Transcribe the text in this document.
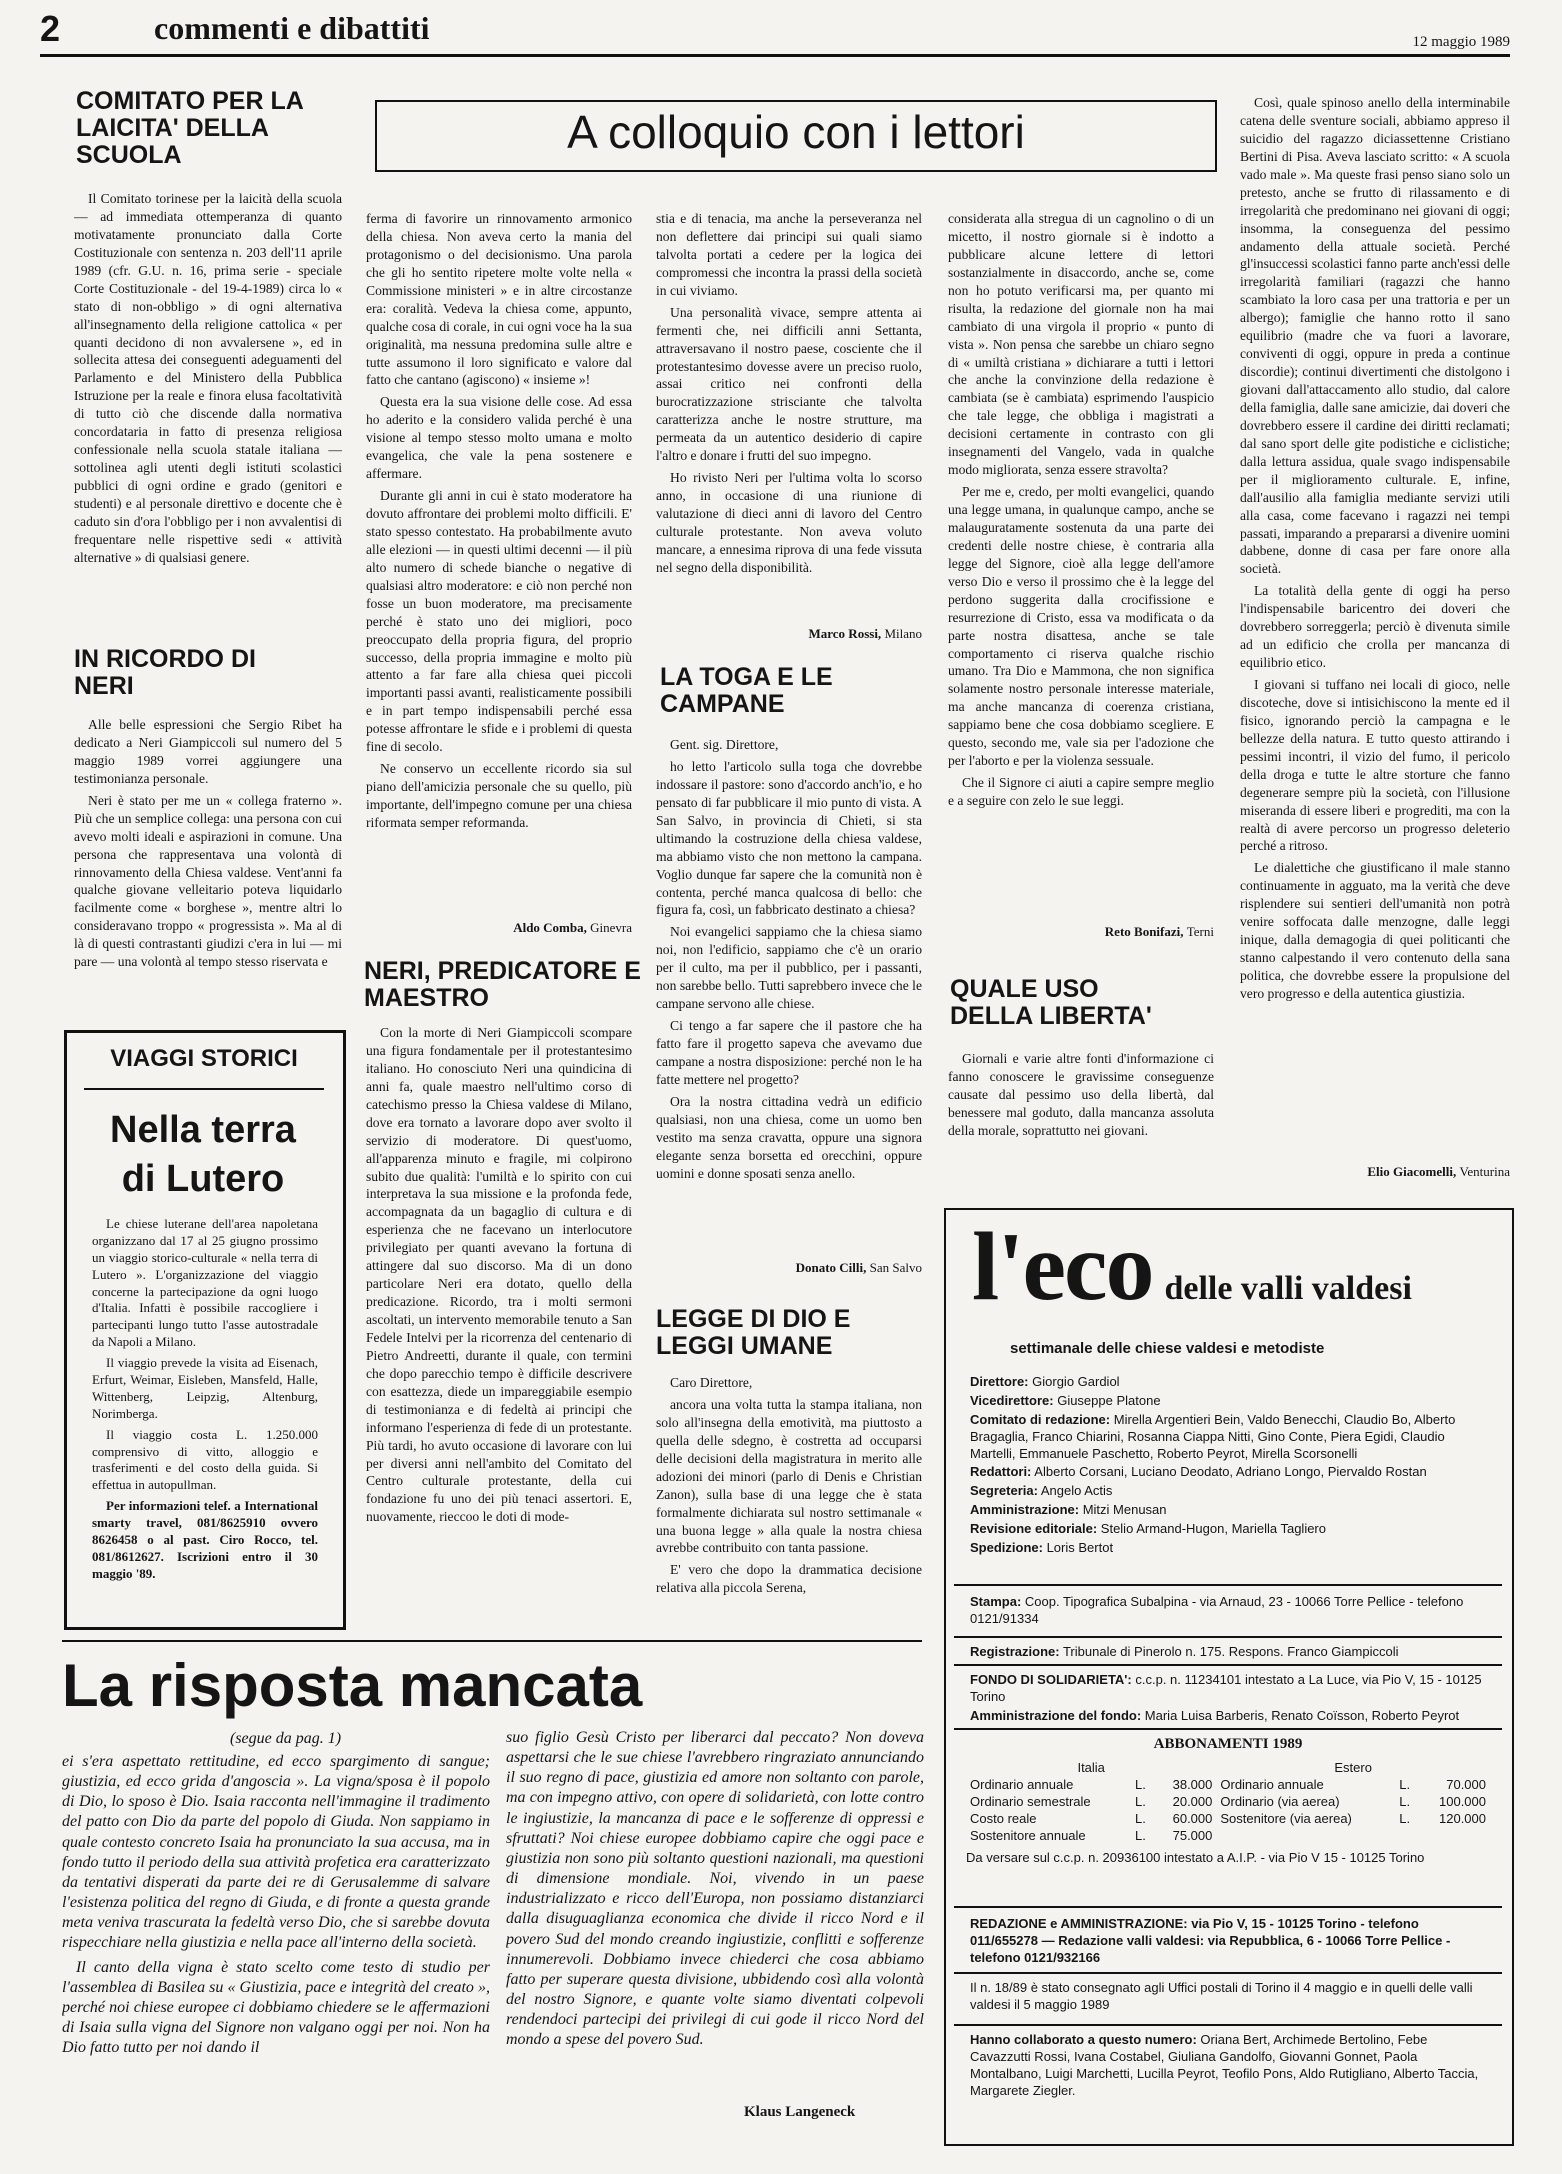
2	commenti e dibattiti	12 maggio 1989
A colloquio con i lettori
COMITATO PER LA LAICITA' DELLA SCUOLA

Il Comitato torinese per la laicità della scuola — ad immediata ottemperanza di quanto motivatamente pronunciato dalla Corte Costituzionale con sentenza n. 203 dell'11 aprile 1989 (cfr. G.U. n. 16, prima serie - speciale Corte Costituzionale - del 19-4-1989) circa lo « stato di non-obbligo » di ogni alternativa all'insegnamento della religione cattolica « per quanti decidono di non avvalersene », ed in sollecita attesa dei conseguenti adeguamenti del Parlamento e del Ministero della Pubblica Istruzione per la reale e finora elusa facoltatività di tutto ciò che discende dalla normativa concordataria in fatto di presenza religiosa confessionale nella scuola statale italiana — sottolinea agli utenti degli istituti scolastici pubblici di ogni ordine e grado (genitori e studenti) e al personale direttivo e docente che è caduto sin d'ora l'obbligo per i non avvalentisi di frequentare nelle rispettive sedi « attività alternative » di qualsiasi genere.

IN RICORDO DI NERI

Alle belle espressioni che Sergio Ribet ha dedicato a Neri Giampiccoli sul numero del 5 maggio 1989 vorrei aggiungere una testimonianza personale.

Neri è stato per me un « collega fraterno ». Più che un semplice collega: una persona con cui avevo molti ideali e aspirazioni in comune. Una persona che rappresentava una volontà di rinnovamento della Chiesa valdese. Vent'anni fa qualche giovane velleitario poteva liquidarlo facilmente come « borghese », mentre altri lo consideravano troppo « progressista ». Ma al di là di questi contrastanti giudizi c'era in lui — mi pare — una volontà al tempo stesso riservata e

VIAGGI STORICI
Nella terra di Lutero

Le chiese luterane dell'area napoletana organizzano dal 17 al 25 giugno prossimo un viaggio storico-culturale « nella terra di Lutero ». L'organizzazione del viaggio concerne la partecipazione da ogni luogo d'Italia. Infatti è possibile raccogliere i partecipanti lungo tutto l'asse autostradale da Napoli a Milano.

Il viaggio prevede la visita ad Eisenach, Erfurt, Weimar, Eisleben, Mansfeld, Halle, Wittenberg, Leipzig, Altenburg, Norimberga.

Il viaggio costa L. 1.250.000 comprensivo di vitto, alloggio e trasferimenti e del costo della guida. Si effettua in autopullman.

Per informazioni telef. a International smarty travel, 081/8625910 ovvero 8626458 o al past. Ciro Rocco, tel. 081/8612627. Iscrizioni entro il 30 maggio '89.

ferma di favorire un rinnovamento armonico della chiesa. Non aveva certo la mania del protagonismo o del decisionismo. Una parola che gli ho sentito ripetere molte volte nella « Commissione ministeri » e in altre circostanze era: coralità. Vedeva la chiesa come, appunto, qualche cosa di corale, in cui ogni voce ha la sua originalità, ma nessuna predomina sulle altre e tutte assumono il loro significato e valore dal fatto che cantano (agiscono) « insieme »!

Questa era la sua visione delle cose. Ad essa ho aderito e la considero valida perché è una visione al tempo stesso molto umana e molto evangelica, che vale la pena sostenere e affermare.

Durante gli anni in cui è stato moderatore ha dovuto affrontare dei problemi molto difficili. E' stato spesso contestato. Ha probabilmente avuto alle elezioni — in questi ultimi decenni — il più alto numero di schede bianche o negative di qualsiasi altro moderatore: e ciò non perché non fosse un buon moderatore, ma precisamente perché è stato uno dei migliori, poco preoccupato della propria figura, del proprio successo, della propria immagine e molto più attento a far fare alla chiesa quei piccoli importanti passi avanti, realisticamente possibili e in part tempo indispensabili perché essa potesse affrontare le sfide e i problemi di questa fine di secolo.

Ne conservo un eccellente ricordo sia sul piano dell'amicizia personale che su quello, più importante, dell'impegno comune per una chiesa riformata semper reformanda.

Aldo Comba, Ginevra
NERI, PREDICATORE E MAESTRO

Con la morte di Neri Giampiccoli scompare una figura fondamentale per il protestantesimo italiano. Ho conosciuto Neri una quindicina di anni fa, quale maestro nell'ultimo corso di catechismo presso la Chiesa valdese di Milano, dove era tornato a lavorare dopo aver svolto il servizio di moderatore. Di quest'uomo, all'apparenza minuto e fragile, mi colpirono subito due qualità: l'umiltà e lo spirito con cui interpretava la sua missione e la profonda fede, accompagnata da un bagaglio di cultura e di esperienza che ne facevano un interlocutore privilegiato per quanti avevano la fortuna di attingere dal suo discorso. Ma di un dono particolare Neri era dotato, quello della predicazione. Ricordo, tra i molti sermoni ascoltati, un intervento memorabile tenuto a San Fedele Intelvi per la ricorrenza del centenario di Pietro Andreetti, durante il quale, con termini che dopo parecchio tempo è difficile descrivere con esattezza, diede un impareggiabile esempio di testimonianza e di fedeltà ai principi che informano l'esperienza di fede di un protestante. Più tardi, ho avuto occasione di lavorare con lui per diversi anni nell'ambito del Comitato del Centro culturale protestante, della cui fondazione fu uno dei più tenaci assertori. E, nuovamente, rieccoo le doti di mode-

stia e di tenacia, ma anche la perseveranza nel non deflettere dai principi sui quali siamo talvolta portati a cedere per la logica dei compromessi che incontra la prassi della società in cui viviamo.

Una personalità vivace, sempre attenta ai fermenti che, nei difficili anni Settanta, attraversavano il nostro paese, cosciente che il protestantesimo dovesse avere un preciso ruolo, assai critico nei confronti della burocratizzazione strisciante che talvolta caratterizza anche le nostre strutture, ma permeata da un autentico desiderio di capire l'altro e donare i frutti del suo impegno.

Ho rivisto Neri per l'ultima volta lo scorso anno, in occasione di una riunione di valutazione di dieci anni di lavoro del Centro culturale protestante. Non aveva voluto mancare, a ennesima riprova di una fede vissuta nel segno della disponibilità.

Marco Rossi, Milano
LA TOGA E LE CAMPANE

Gent. sig. Direttore,

ho letto l'articolo sulla toga che dovrebbe indossare il pastore: sono d'accordo anch'io, e ho pensato di far pubblicare il mio punto di vista. A San Salvo, in provincia di Chieti, si sta ultimando la costruzione della chiesa valdese, ma abbiamo visto che non mettono la campana. Voglio dunque far sapere che la comunità non è contenta, perché manca qualcosa di bello: che figura fa, così, un fabbricato destinato a chiesa?

Noi evangelici sappiamo che la chiesa siamo noi, non l'edificio, sappiamo che c'è un orario per il culto, ma per il pubblico, per i passanti, non sarebbe bello. Tutti saprebbero invece che le campane servono alle chiese.

Ci tengo a far sapere che il pastore che ha fatto fare il progetto sapeva che avevamo due campane a nostra disposizione: perché non le ha fatte mettere nel progetto?

Ora la nostra cittadina vedrà un edificio qualsiasi, non una chiesa, come un uomo ben vestito ma senza cravatta, oppure una signora elegante senza borsetta ed orecchini, oppure uomini e donne sposati senza anello.

Donato Cilli, San Salvo
LEGGE DI DIO E LEGGI UMANE

Caro Direttore,

ancora una volta tutta la stampa italiana, non solo all'insegna della emotività, ma piuttosto a quella delle sdegno, è costretta ad occuparsi delle decisioni della magistratura in merito alle adozioni dei minori (parlo di Denis e Christian Zanon), sulla base di una legge che è stata formalmente dichiarata sul nostro settimanale « una buona legge » alla quale la nostra chiesa avrebbe contribuito con tanta passione.

E' vero che dopo la drammatica decisione relativa alla piccola Serena,

considerata alla stregua di un cagnolino o di un micetto, il nostro giornale si è indotto a pubblicare alcune lettere di lettori sostanzialmente in disaccordo, anche se, come non ho potuto verificarsi ma, per quanto mi risulta, la redazione del giornale non ha mai cambiato di una virgola il proprio « punto di vista ». Non pensa che sarebbe un chiaro segno di « umiltà cristiana » dichiarare a tutti i lettori che anche la convinzione della redazione è cambiata (se è cambiata) esprimendo l'auspicio che tale legge, che obbliga i magistrati a decisioni certamente in contrasto con gli insegnamenti del Vangelo, vada in qualche modo migliorata, senza essere stravolta?

Per me e, credo, per molti evangelici, quando una legge umana, in qualunque campo, anche se malauguratamente sostenuta da una parte dei credenti delle nostre chiese, è contraria alla legge del Signore, cioè alla legge dell'amore verso Dio e verso il prossimo che è la legge del perdono suggerita dalla crocifissione e resurrezione di Cristo, essa va modificata o da parte nostra disattesa, anche se tale comportamento ci riserva qualche rischio umano. Tra Dio e Mammona, che non significa solamente nostro personale interesse materiale, ma anche mancanza di coerenza cristiana, sappiamo bene che cosa dobbiamo scegliere. E questo, secondo me, vale sia per l'adozione che per l'aborto e per la violenza sessuale.

Che il Signore ci aiuti a capire sempre meglio e a seguire con zelo le sue leggi.

Reto Bonifazi, Terni
QUALE USO DELLA LIBERTA'

Giornali e varie altre fonti d'informazione ci fanno conoscere le gravissime conseguenze causate dal pessimo uso della libertà, dal benessere mal goduto, dalla mancanza assoluta della morale, soprattutto nei giovani.

Così, quale spinoso anello della interminabile catena delle sventure sociali, abbiamo appreso il suicidio del ragazzo diciassettenne Cristiano Bertini di Pisa. Aveva lasciato scritto: « A scuola vado male ». Ma queste frasi penso siano solo un pretesto, anche se frutto di rilassamento e di irregolarità che predominano nei giovani di oggi; insomma, la conseguenza del pessimo andamento della attuale società. Perché gl'insuccessi scolastici fanno parte anch'essi delle irregolarità familiari (ragazzi che hanno scambiato la loro casa per una trattoria e per un albergo); famiglie che hanno rotto il sano equilibrio (madre che va fuori a lavorare, conviventi di oggi, oppure in preda a continue discordie); continui divertimenti che distolgono i giovani dall'attaccamento allo studio, dal calore della famiglia, dalle sane amicizie, dai doveri che dovrebbero essere il cardine dei diritti reclamati; dal sano sport delle gite podistiche e ciclistiche; dalla lettura assidua, quale svago indispensabile per il miglioramento culturale. E, infine, dall'ausilio alla famiglia mediante servizi utili alla casa, come facevano i ragazzi nei tempi passati, imparando a prepararsi a divenire uomini dabbene, donne di casa per fare onore alla società.

La totalità della gente di oggi ha perso l'indispensabile baricentro dei doveri che dovrebbero sorreggerla; perciò è divenuta simile ad un edificio che crolla per mancanza di equilibrio etico.

I giovani si tuffano nei locali di gioco, nelle discoteche, dove si intisichiscono la mente ed il fisico, ignorando perciò la campagna e le bellezze della natura. E tutto questo attirando i pessimi incontri, il vizio del fumo, il pericolo della droga e tutte le altre storture che fanno degenerare sempre più la società, con l'illusione miseranda di essere liberi e progrediti, ma con la realtà di avere percorso un progresso deleterio perché a ritroso.

Le dialettiche che giustificano il male stanno continuamente in agguato, ma la verità che deve risplendere sui sentieri dell'umanità non potrà venire soffocata dalle menzogne, dalle leggi inique, dalla demagogia di quei politicanti che stanno calpestando il vero contenuto della sana politica, che dovrebbe essere la propulsione del vero progresso e della autentica giustizia.

Elio Giacomelli, Venturina
l'eco delle valli valdesi
settimanale delle chiese valdesi e metodiste
Direttore: Giorgio Gardiol
Vicedirettore: Giuseppe Platone
Comitato di redazione: Mirella Argentieri Bein, Valdo Benecchi, Claudio Bo, Alberto Bragaglia, Franco Chiarini, Rosanna Ciappa Nitti, Gino Conte, Piera Egidi, Claudio Martelli, Emmanuele Paschetto, Roberto Peyrot, Mirella Scorsonelli
Redattori: Alberto Corsani, Luciano Deodato, Adriano Longo, Piervaldo Rostan
Segreteria: Angelo Actis
Amministrazione: Mitzi Menusan
Revisione editoriale: Stelio Armand-Hugon, Mariella Tagliero
Spedizione: Loris Bertot
Stampa: Coop. Tipografica Subalpina - via Arnaud, 23 - 10066 Torre Pellice - telefono 0121/91334
Registrazione: Tribunale di Pinerolo n. 175. Respons. Franco Giampiccoli
FONDO DI SOLIDARIETA': c.c.p. n. 11234101 intestato a La Luce, via Pio V, 15 - 10125 Torino
Amministrazione del fondo: Maria Luisa Barberis, Renato Coïsson, Roberto Peyrot
ABBONAMENTI 1989
Italia			Estero		
Ordinario annuale	L.	38.000	Ordinario annuale	L.	70.000
Ordinario semestrale	L.	20.000	Ordinario (via aerea)	L.	100.000
Costo reale	L.	60.000	Sostenitore (via aerea)	L.	120.000
Sostenitore annuale	L.	75.000			
Da versare sul c.c.p. n. 20936100 intestato a A.I.P. - via Pio V 15 - 10125 Torino
REDAZIONE e AMMINISTRAZIONE: via Pio V, 15 - 10125 Torino - telefono 011/655278 — Redazione valli valdesi: via Repubblica, 6 - 10066 Torre Pellice - telefono 0121/932166
Il n. 18/89 è stato consegnato agli Uffici postali di Torino il 4 maggio e in quelli delle valli valdesi il 5 maggio 1989
Hanno collaborato a questo numero: Oriana Bert, Archimede Bertolino, Febe Cavazzutti Rossi, Ivana Costabel, Giuliana Gandolfo, Giovanni Gonnet, Paola Montalbano, Luigi Marchetti, Lucilla Peyrot, Teofilo Pons, Aldo Rutigliano, Alberto Taccia, Margarete Ziegler.
La risposta mancata
(segue da pag. 1)

ei s'era aspettato rettitudine, ed ecco spargimento di sangue; giustizia, ed ecco grida d'angoscia ». La vigna/sposa è il popolo di Dio, lo sposo è Dio. Isaia racconta nell'immagine il tradimento del patto con Dio da parte del popolo di Giuda. Non sappiamo in quale contesto concreto Isaia ha pronunciato la sua accusa, ma in fondo tutto il periodo della sua attività profetica era caratterizzato da tentativi disperati da parte dei re di Gerusalemme di salvare l'esistenza politica del regno di Giuda, e di fronte a questa grande meta veniva trascurata la fedeltà verso Dio, che si sarebbe dovuta rispecchiare nella giustizia e nella pace all'interno della società.

Il canto della vigna è stato scelto come testo di studio per l'assemblea di Basilea su « Giustizia, pace e integrità del creato », perché noi chiese europee ci dobbiamo chiedere se le affermazioni di Isaia sulla vigna del Signore non valgano oggi per noi. Non ha Dio fatto tutto per noi dando il

suo figlio Gesù Cristo per liberarci dal peccato? Non doveva aspettarsi che le sue chiese l'avrebbero ringraziato annunciando il suo regno di pace, giustizia ed amore non soltanto con parole, ma con impegno attivo, con opere di solidarietà, con lotte contro le ingiustizie, la mancanza di pace e le sofferenze di oppressi e sfruttati? Noi chiese europee dobbiamo capire che oggi pace e giustizia non sono più soltanto questioni nazionali, ma questioni di dimensione mondiale. Noi, vivendo in un paese industrializzato e ricco dell'Europa, non possiamo distanziarci dalla disuguaglianza economica che divide il ricco Nord e il povero Sud del mondo creando ingiustizie, conflitti e sofferenze innumerevoli. Dobbiamo invece chiederci che cosa abbiamo fatto per superare questa divisione, ubbidendo così alla volontà del nostro Signore, e quante volte siamo diventati colpevoli rendendoci partecipi dei privilegi di cui gode il ricco Nord del mondo a spese del povero Sud.

Klaus Langeneck
